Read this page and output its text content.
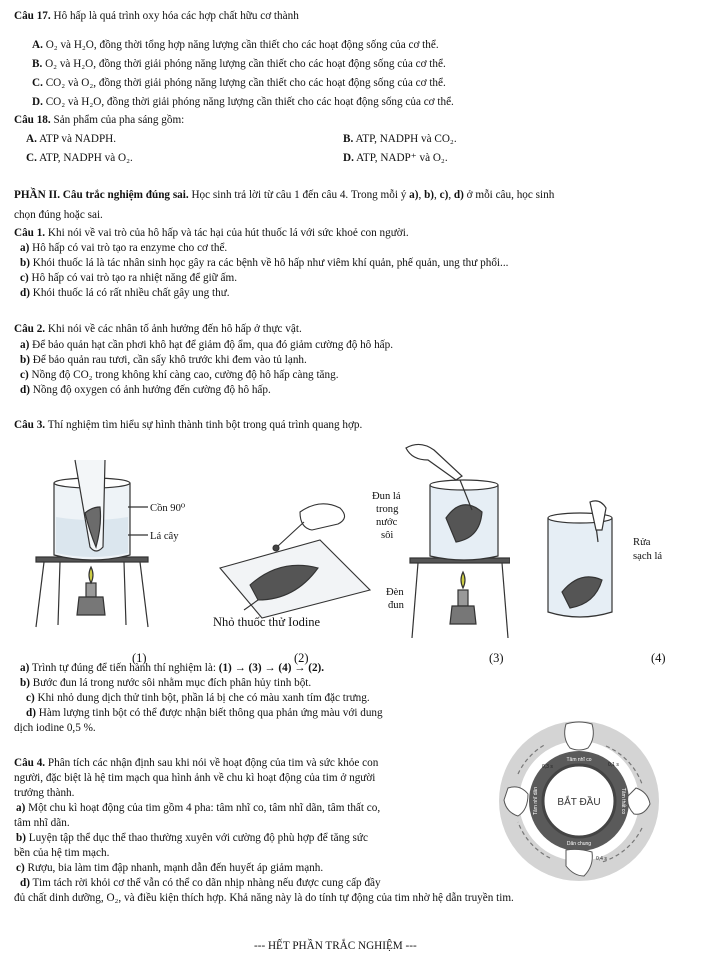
Câu 17. Hô hấp là quá trình oxy hóa các hợp chất hữu cơ thành
A. O₂ và H₂O, đồng thời tổng hợp năng lượng cần thiết cho các hoạt động sống của cơ thể.
B. O₂ và H₂O, đồng thời giải phóng năng lượng cần thiết cho các hoạt động sống của cơ thể.
C. CO₂ và O₂, đồng thời giải phóng năng lượng cần thiết cho các hoạt động sống của cơ thể.
D. CO₂ và H₂O, đồng thời giải phóng năng lượng cần thiết cho các hoạt động sống của cơ thể.
Câu 18. Sản phẩm của pha sáng gồm:
A. ATP và NADPH.	B. ATP, NADPH và CO₂.
C. ATP, NADPH và O₂.	D. ATP, NADP⁺ và O₂.
PHẦN II. Câu trắc nghiệm đúng sai. Học sinh trả lời từ câu 1 đến câu 4. Trong mỗi ý a), b), c), d) ở mỗi câu, học sinh
chọn đúng hoặc sai.
Câu 1. Khi nói về vai trò của hô hấp và tác hại của hút thuốc lá với sức khoẻ con người.
a) Hô hấp có vai trò tạo ra enzyme cho cơ thể.
b) Khói thuốc lá là tác nhân sinh học gây ra các bệnh về hô hấp như viêm khí quản, phế quản, ung thư phổi...
c) Hô hấp có vai trò tạo ra nhiệt năng để giữ ấm.
d) Khói thuốc lá có rất nhiều chất gây ung thư.
Câu 2. Khi nói về các nhân tố ảnh hưởng đến hô hấp ở thực vật.
a) Để bảo quản hạt cần phơi khô hạt để giảm độ ẩm, qua đó giảm cường độ hô hấp.
b) Để bảo quản rau tươi, cần sấy khô trước khi đem vào tủ lạnh.
c) Nồng độ CO₂ trong không khí càng cao, cường độ hô hấp càng tăng.
d) Nồng độ oxygen có ảnh hưởng đến cường độ hô hấp.
Câu 3. Thí nghiệm tìm hiểu sự hình thành tinh bột trong quá trình quang hợp.
Cồn 90⁰
Lá cây
Nhỏ thuốc thử Iodine
Đun lá
trong
nước
sôi
Đèn
đun
Rửa
sạch lá
(1)	(2)	(3)	(4)
a) Trình tự đúng để tiến hành thí nghiệm là: (1) → (3) → (4) → (2).
b) Bước đun lá trong nước sôi nhằm mục đích phân hủy tinh bột.
c) Khi nhỏ dung dịch thử tinh bột, phần lá bị che có màu xanh tím đặc trưng.
d) Hàm lượng tinh bột có thể được nhận biết thông qua phản ứng màu với dung
dịch iodine 0,5 %.
Câu 4. Phân tích các nhận định sau khi nói về hoạt động của tim và sức khỏe con
người, đặc biệt là hệ tim mạch qua hình ảnh về chu kì hoạt động của tim ở người
trưởng thành.
a) Một chu kì hoạt động của tim gồm 4 pha: tâm nhĩ co, tâm nhĩ dãn, tâm thất co,
tâm nhĩ dãn.
b) Luyện tập thể dục thể thao thường xuyên với cường độ phù hợp để tăng sức
bền của hệ tim mạch.
c) Rượu, bia làm tim đập nhanh, mạnh dẫn đến huyết áp giảm mạnh.
d) Tim tách rời khỏi cơ thể vẫn có thể co dãn nhịp nhàng nếu được cung cấp đầy
đủ chất dinh dưỡng, O₂, và điều kiện thích hợp. Khả năng này là do tính tự động của tim nhờ hệ dẫn truyền tim.
0,1 s
0,3 s
0,4 s
Tâm nhĩ co
Tâm thất co
Dãn chung
Tâm nhĩ dãn BẮT ĐẦU
--- HẾT PHẦN TRẮC NGHIỆM ---
